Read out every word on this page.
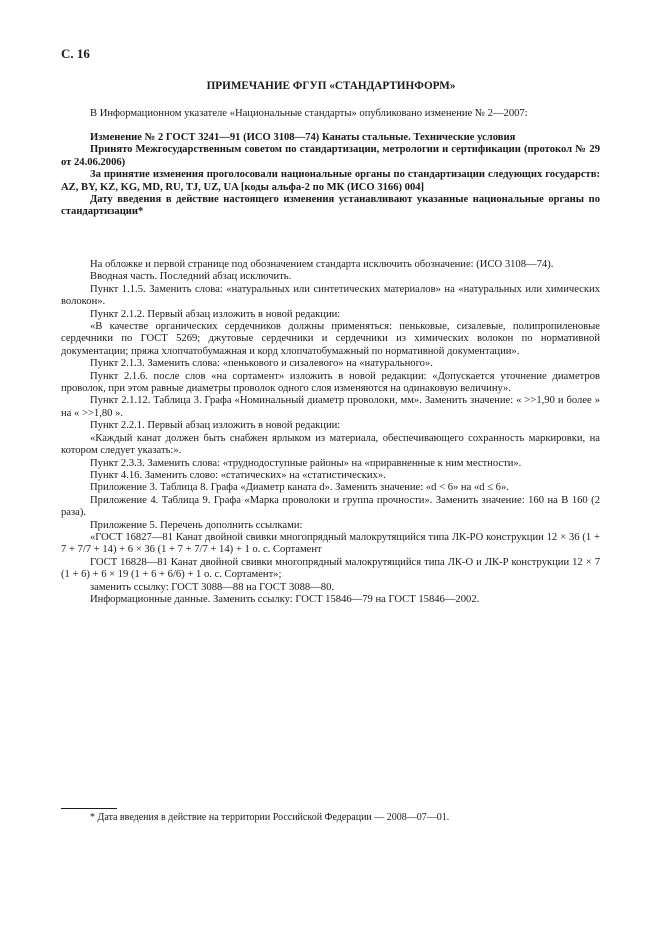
С. 16
ПРИМЕЧАНИЕ ФГУП «СТАНДАРТИНФОРМ»

В Информационном указателе «Национальные стандарты» опубликовано изменение № 2—2007:

Изменение № 2 ГОСТ 3241—91 (ИСО 3108—74) Канаты стальные. Технические условия

Принято Межгосударственным советом по стандартизации, метрологии и сертификации (протокол № 29 от 24.06.2006)

За принятие изменения проголосовали национальные органы по стандартизации следующих государств: AZ, BY, KZ, KG, MD, RU, TJ, UZ, UA [коды альфа-2 по МК (ИСО 3166) 004]

Дату введения в действие настоящего изменения устанавливают указанные национальные органы по стандартизации*

На обложке и первой странице под обозначением стандарта исключить обозначение: (ИСО 3108—74).

Вводная часть. Последний абзац исключить.

Пункт 1.1.5. Заменить слова: «натуральных или синтетических материалов» на «натуральных или химических волокон».

Пункт 2.1.2. Первый абзац изложить в новой редакции:

«В качестве органических сердечников должны применяться: пеньковые, сизалевые, полипропиленовые сердечники по ГОСТ 5269; джутовые сердечники и сердечники из химических волокон по нормативной документации; пряжа хлопчатобумажная и корд хлопчатобумажный по нормативной документации».

Пункт 2.1.3. Заменить слова: «пенькового и сизалевого» на «натурального».

Пункт 2.1.6. после слов «на сортамент» изложить в новой редакции: «Допускается уточнение диаметров проволок, при этом равные диаметры проволок одного слоя изменяются на одинаковую величину».

Пункт 2.1.12. Таблица 3. Графа «Номинальный диаметр проволоки, мм». Заменить значение: « >>1,90 и более » на « >>1,80 ».

Пункт 2.2.1. Первый абзац изложить в новой редакции:

«Каждый канат должен быть снабжен ярлыком из материала, обеспечивающего сохранность маркировки, на котором следует указать:».

Пункт 2.3.3. Заменить слова: «труднодоступные районы» на «приравненные к ним местности».

Пункт 4.16. Заменить слово: «статических» на «статистических».

Приложение 3. Таблица 8. Графа «Диаметр каната d». Заменить значение: «d < 6» на «d ≤ 6».

Приложение 4. Таблица 9. Графа «Марка проволоки и группа прочности». Заменить значение: 160 на В 160 (2 раза).

Приложение 5. Перечень дополнить ссылками:

«ГОСТ 16827—81 Канат двойной свивки многопрядный малокрутящийся типа ЛК-РО конструкции 12 × 36 (1 + 7 + 7/7 + 14) + 6 × 36 (1 + 7 + 7/7 + 14) + 1 о. с. Сортамент

ГОСТ 16828—81 Канат двойной свивки многопрядный малокрутящийся типа ЛК-О и ЛК-Р конструкции 12 × 7 (1 + 6) + 6 × 19 (1 + 6 + 6/6) + 1 о. с. Сортамент»;

заменить ссылку: ГОСТ 3088—88 на ГОСТ 3088—80.

Информационные данные. Заменить ссылку: ГОСТ 15846—79 на ГОСТ 15846—2002.

* Дата введения в действие на территории Российской Федерации — 2008—07—01.
